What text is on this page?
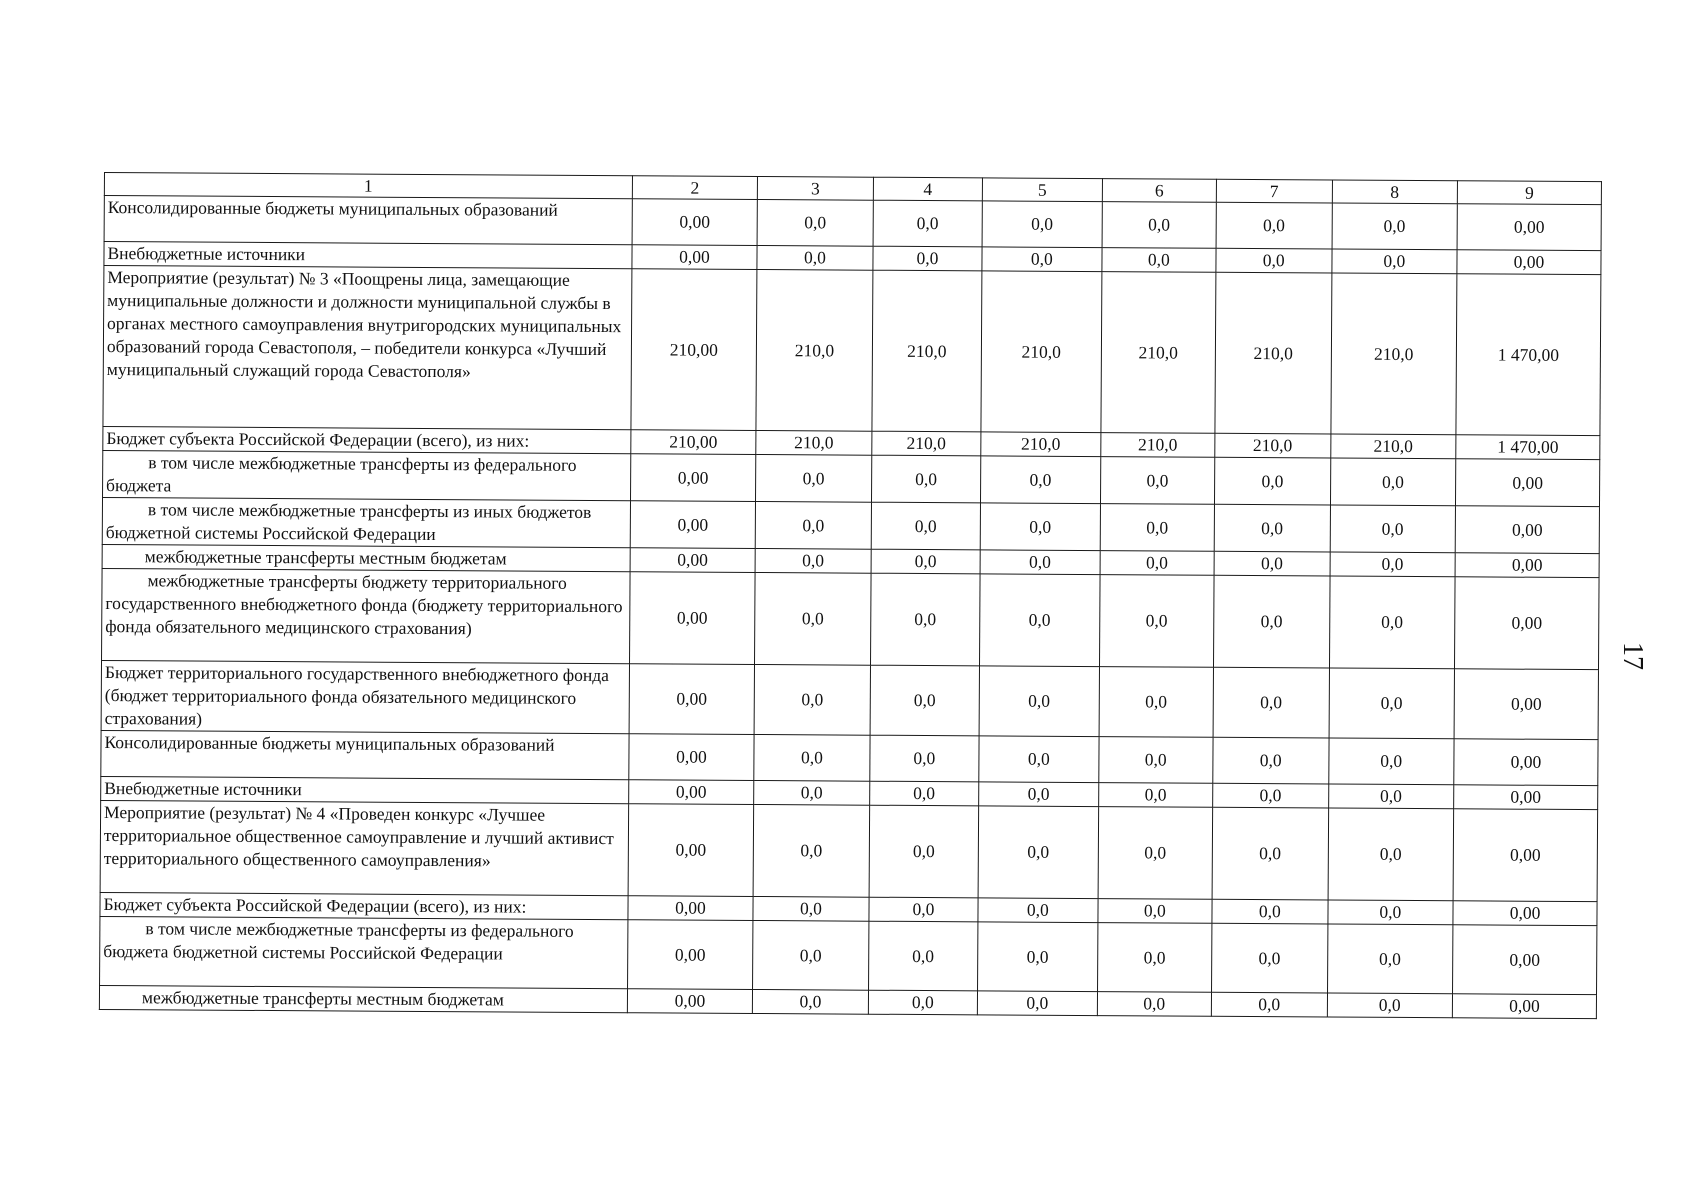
1	2	3	4	5	6	7	8	9
Консолидированные бюджеты муниципальных образований	0,00	0,0	0,0	0,0	0,0	0,0	0,0	0,00
Внебюджетные источники	0,00	0,0	0,0	0,0	0,0	0,0	0,0	0,00
Мероприятие (результат) № 3 «Поощрены лица, замещающие муниципальные должности и должности муниципальной службы в органах местного самоуправления внутригородских муниципальных образований города Севастополя, – победители конкурса «Лучший муниципальный служащий города Севастополя»	210,00	210,0	210,0	210,0	210,0	210,0	210,0	1 470,00
Бюджет субъекта Российской Федерации (всего), из них:	210,00	210,0	210,0	210,0	210,0	210,0	210,0	1 470,00
в том числе межбюджетные трансферты из федерального бюджета	0,00	0,0	0,0	0,0	0,0	0,0	0,0	0,00
в том числе межбюджетные трансферты из иных бюджетов бюджетной системы Российской Федерации	0,00	0,0	0,0	0,0	0,0	0,0	0,0	0,00
межбюджетные трансферты местным бюджетам	0,00	0,0	0,0	0,0	0,0	0,0	0,0	0,00
межбюджетные трансферты бюджету территориального государственного внебюджетного фонда (бюджету территориального фонда обязательного медицинского страхования)	0,00	0,0	0,0	0,0	0,0	0,0	0,0	0,00
Бюджет территориального государственного внебюджетного фонда (бюджет территориального фонда обязательного медицинского страхования)	0,00	0,0	0,0	0,0	0,0	0,0	0,0	0,00
Консолидированные бюджеты муниципальных образований	0,00	0,0	0,0	0,0	0,0	0,0	0,0	0,00
Внебюджетные источники	0,00	0,0	0,0	0,0	0,0	0,0	0,0	0,00
Мероприятие (результат) № 4 «Проведен конкурс «Лучшее территориальное общественное самоуправление и лучший активист территориального общественного самоуправления»	0,00	0,0	0,0	0,0	0,0	0,0	0,0	0,00
Бюджет субъекта Российской Федерации (всего), из них:	0,00	0,0	0,0	0,0	0,0	0,0	0,0	0,00
в том числе межбюджетные трансферты из федерального бюджета бюджетной системы Российской Федерации	0,00	0,0	0,0	0,0	0,0	0,0	0,0	0,00
межбюджетные трансферты местным бюджетам	0,00	0,0	0,0	0,0	0,0	0,0	0,0	0,00
17
